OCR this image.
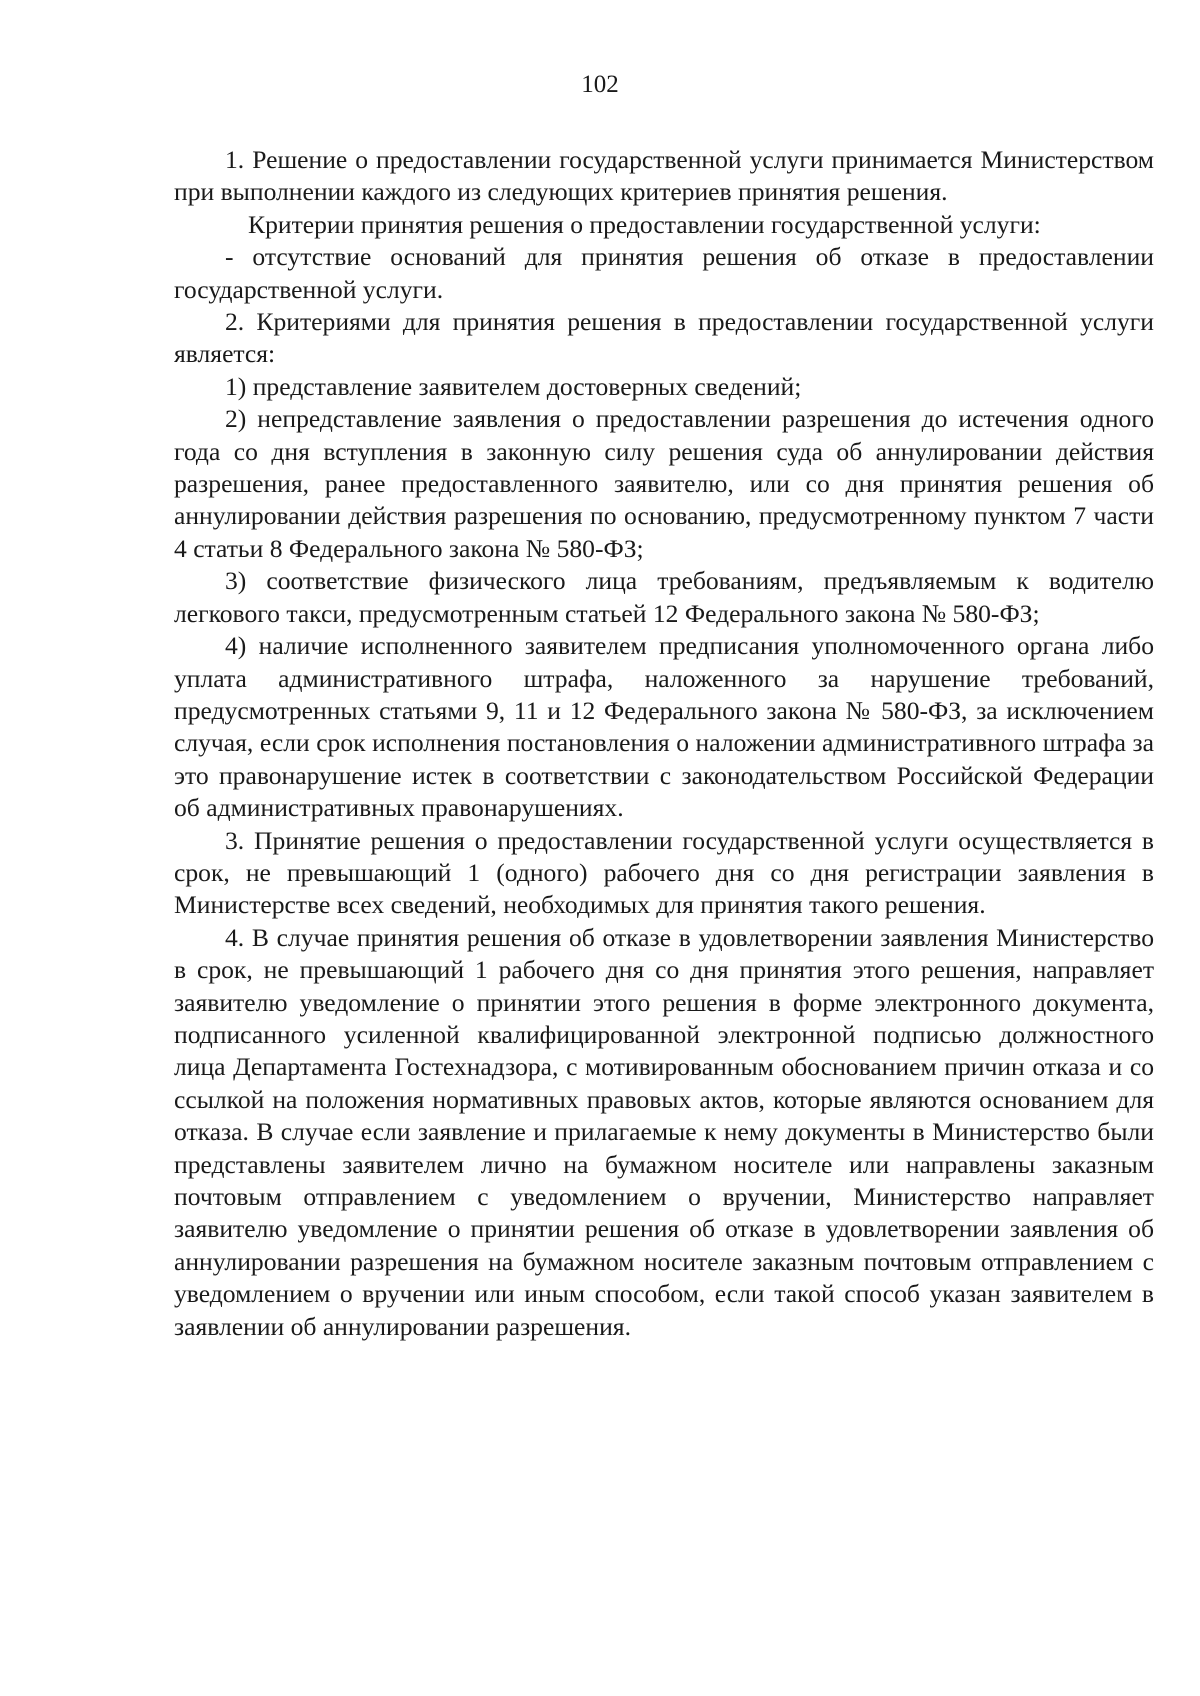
102

1. Решение о предоставлении государственной услуги принимается Министерством при выполнении каждого из следующих критериев принятия решения.

Критерии принятия решения о предоставлении государственной услуги:

- отсутствие оснований для принятия решения об отказе в предоставлении государственной услуги.

2. Критериями для принятия решения в предоставлении государственной услуги является:

1) представление заявителем достоверных сведений;

2) непредставление заявления о предоставлении разрешения до истечения одного года со дня вступления в законную силу решения суда об аннулировании действия разрешения, ранее предоставленного заявителю, или со дня принятия решения об аннулировании действия разрешения по основанию, предусмотренному пунктом 7 части 4 статьи 8 Федерального закона № 580-ФЗ;

3) соответствие физического лица требованиям, предъявляемым к водителю легкового такси, предусмотренным статьей 12 Федерального закона № 580-ФЗ;

4) наличие исполненного заявителем предписания уполномоченного органа либо уплата административного штрафа, наложенного за нарушение требований, предусмотренных статьями 9, 11 и 12 Федерального закона № 580-ФЗ, за исключением случая, если срок исполнения постановления о наложении административного штрафа за это правонарушение истек в соответствии с законодательством Российской Федерации об административных правонарушениях.

3. Принятие решения о предоставлении государственной услуги осуществляется в срок, не превышающий 1 (одного) рабочего дня со дня регистрации заявления в Министерстве всех сведений, необходимых для принятия такого решения.

4. В случае принятия решения об отказе в удовлетворении заявления Министерство в срок, не превышающий 1 рабочего дня со дня принятия этого решения, направляет заявителю уведомление о принятии этого решения в форме электронного документа, подписанного усиленной квалифицированной электронной подписью должностного лица Департамента Гостехнадзора, с мотивированным обоснованием причин отказа и со ссылкой на положения нормативных правовых актов, которые являются основанием для отказа. В случае если заявление и прилагаемые к нему документы в Министерство были представлены заявителем лично на бумажном носителе или направлены заказным почтовым отправлением с уведомлением о вручении, Министерство направляет заявителю уведомление о принятии решения об отказе в удовлетворении заявления об аннулировании разрешения на бумажном носителе заказным почтовым отправлением с уведомлением о вручении или иным способом, если такой способ указан заявителем в заявлении об аннулировании разрешения.
